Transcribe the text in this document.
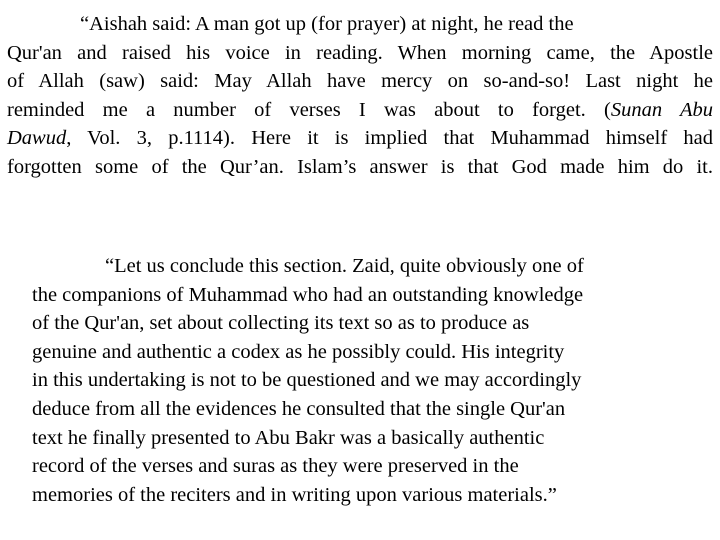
“Aishah said: A man got up (for prayer) at night, he read the
Qur'an and raised his voice in reading. When morning came, the Apostle
of Allah (saw) said: May Allah have mercy on so-and-so! Last night he
reminded me a number of verses I was about to forget. (Sunan Abu
Dawud, Vol. 3, p.1114). Here it is implied that Muhammad himself had
forgotten some of the Qur’an. Islam’s answer is that God made him do it.
“Let us conclude this section. Zaid, quite obviously one of
the companions of Muhammad who had an outstanding knowledge
of the Qur'an, set about collecting its text so as to produce as
genuine and authentic a codex as he possibly could. His integrity
in this undertaking is not to be questioned and we may accordingly
deduce from all the evidences he consulted that the single Qur'an
text he finally presented to Abu Bakr was a basically authentic
record of the verses and suras as they were preserved in the
memories of the reciters and in writing upon various materials.”
